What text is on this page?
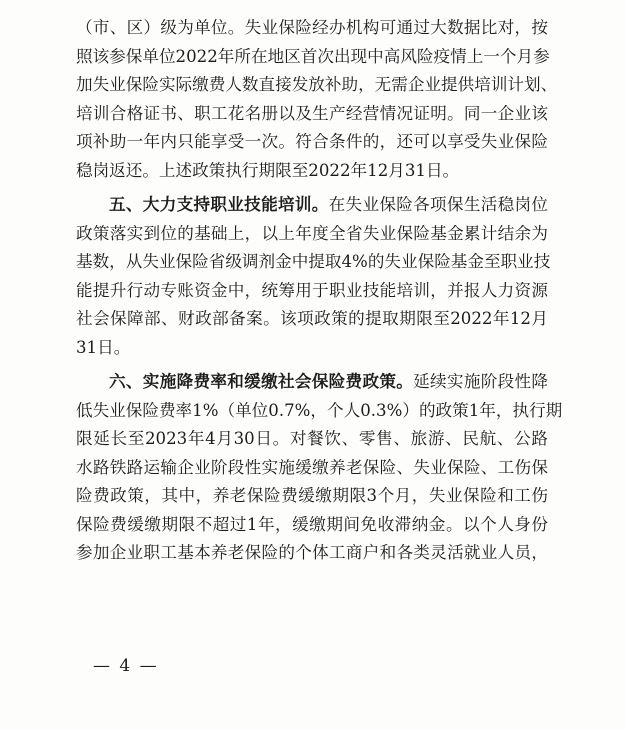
（市、区）级为单位。失业保险经办机构可通过大数据比对，按
照该参保单位2022年所在地区首次出现中高风险疫情上一个月参
加失业保险实际缴费人数直接发放补助，无需企业提供培训计划、
培训合格证书、职工花名册以及生产经营情况证明。同一企业该
项补助一年内只能享受一次。符合条件的，还可以享受失业保险
稳岗返还。上述政策执行期限至2022年12月31日。
五、大力支持职业技能培训。在失业保险各项保生活稳岗位
政策落实到位的基础上，以上年度全省失业保险基金累计结余为
基数，从失业保险省级调剂金中提取4%的失业保险基金至职业技
能提升行动专账资金中，统筹用于职业技能培训，并报人力资源
社会保障部、财政部备案。该项政策的提取期限至2022年12月
31日。
六、实施降费率和缓缴社会保险费政策。延续实施阶段性降
低失业保险费率1%（单位0.7%，个人0.3%）的政策1年，执行期
限延长至2023年4月30日。对餐饮、零售、旅游、民航、公路
水路铁路运输企业阶段性实施缓缴养老保险、失业保险、工伤保
险费政策，其中，养老保险费缓缴期限3个月，失业保险和工伤
保险费缓缴期限不超过1年，缓缴期间免收滞纳金。以个人身份
参加企业职工基本养老保险的个体工商户和各类灵活就业人员，
— 4 —
